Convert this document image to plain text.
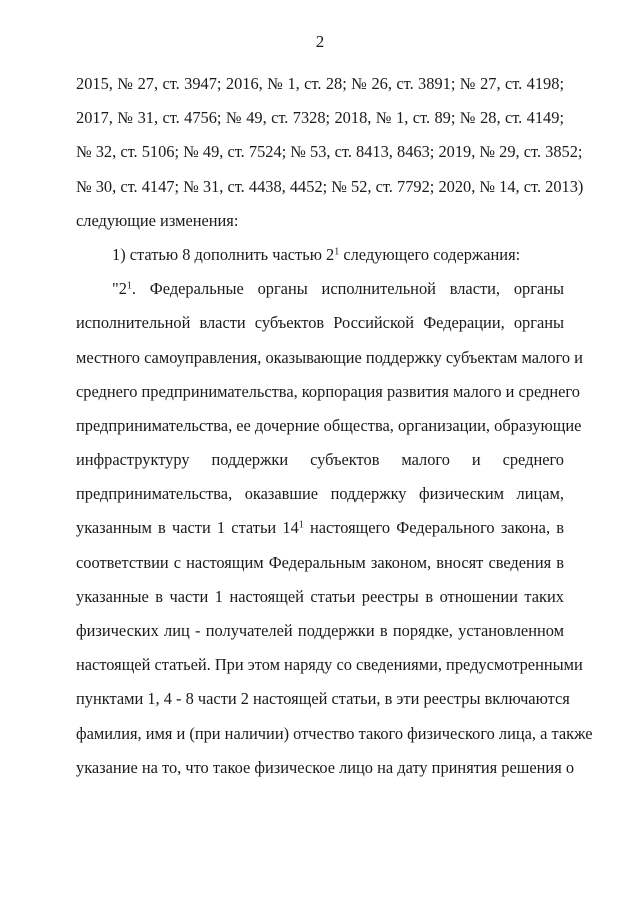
2
2015, № 27, ст. 3947; 2016, № 1, ст. 28; № 26, ст. 3891; № 27, ст. 4198;
2017, № 31, ст. 4756; № 49, ст. 7328; 2018, № 1, ст. 89; № 28, ст. 4149;
№ 32, ст. 5106; № 49, ст. 7524; № 53, ст. 8413, 8463; 2019, № 29, ст. 3852;
№ 30, ст. 4147; № 31, ст. 4438, 4452; № 52, ст. 7792; 2020, № 14, ст. 2013)
следующие изменения:
1) статью 8 дополнить частью $2^1$ следующего содержания:
"$2^1$. Федеральные органы исполнительной власти, органы
исполнительной власти субъектов Российской Федерации, органы
местного самоуправления, оказывающие поддержку субъектам малого и
среднего предпринимательства, корпорация развития малого и среднего
предпринимательства, ее дочерние общества, организации, образующие
инфраструктуру поддержки субъектов малого и среднего
предпринимательства, оказавшие поддержку физическим лицам,
указанным в части 1 статьи $14^1$ настоящего Федерального закона, в
соответствии с настоящим Федеральным законом, вносят сведения в
указанные в части 1 настоящей статьи реестры в отношении таких
физических лиц - получателей поддержки в порядке, установленном
настоящей статьей. При этом наряду со сведениями, предусмотренными
пунктами 1, 4 - 8 части 2 настоящей статьи, в эти реестры включаются
фамилия, имя и (при наличии) отчество такого физического лица, а также
указание на то, что такое физическое лицо на дату принятия решения о
